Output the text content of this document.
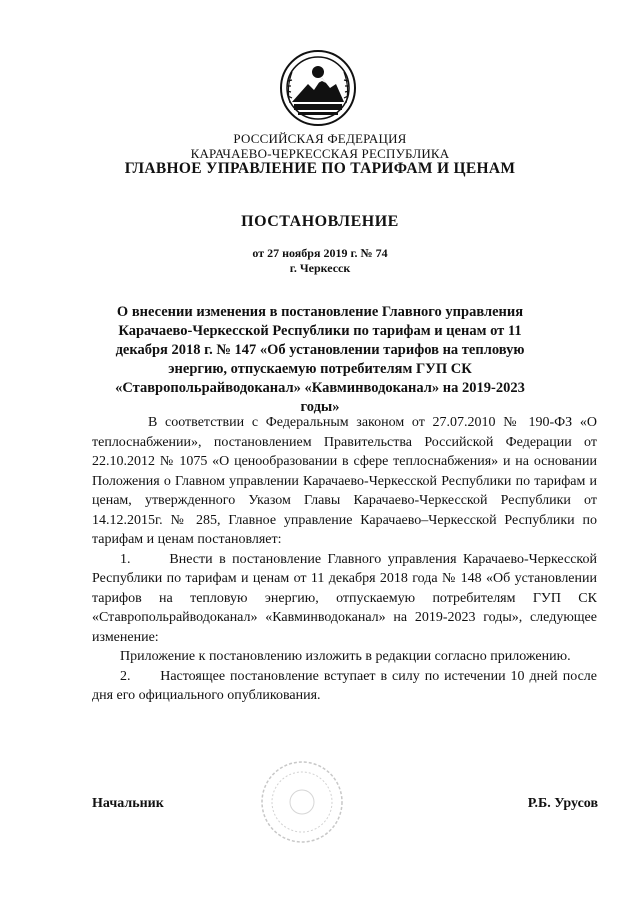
РОССИЙСКАЯ ФЕДЕРАЦИЯ
КАРАЧАЕВО-ЧЕРКЕССКАЯ РЕСПУБЛИКА
ГЛАВНОЕ УПРАВЛЕНИЕ ПО ТАРИФАМ И ЦЕНАМ
ПОСТАНОВЛЕНИЕ
от 27 ноября 2019 г. № 74
г. Черкесск
О внесении изменения в постановление Главного управления Карачаево-Черкесской Республики по тарифам и ценам от 11 декабря 2018 г. № 147 «Об установлении тарифов на тепловую энергию, отпускаемую потребителям ГУП СК «Ставропольрайводоканал» «Кавминводоканал» на 2019-2023 годы»

В соответствии с Федеральным законом от 27.07.2010 № 190-ФЗ «О теплоснабжении», постановлением Правительства Российской Федерации от 22.10.2012 № 1075 «О ценообразовании в сфере теплоснабжения» и на основании Положения о Главном управлении Карачаево-Черкесской Республики по тарифам и ценам, утвержденного Указом Главы Карачаево-Черкесской Республики от 14.12.2015г. № 285, Главное управление Карачаево–Черкесской Республики по тарифам и ценам постановляет:

1.      Внести в постановление Главного управления Карачаево-Черкесской Республики по тарифам и ценам от 11 декабря 2018 года № 148 «Об установлении тарифов на тепловую энергию, отпускаемую потребителям ГУП СК «Ставропольрайводоканал» «Кавминводоканал» на 2019-2023 годы», следующее изменение:

Приложение к постановлению изложить в редакции согласно приложению.

2.      Настоящее постановление вступает в силу по истечении 10 дней после дня его официального опубликования.

Начальник	Р.Б. Урусов
